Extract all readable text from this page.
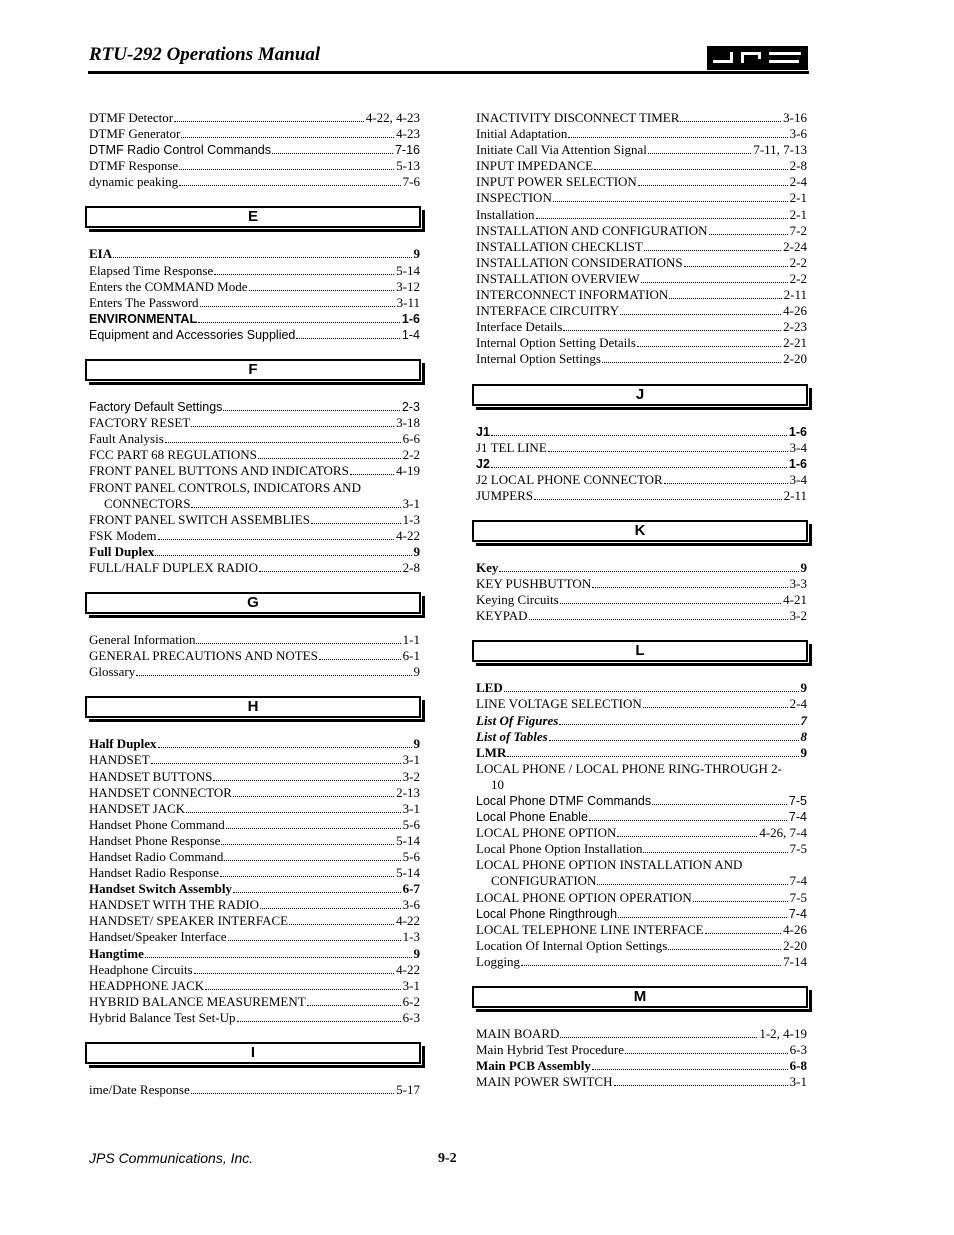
RTU-292 Operations Manual
DTMF Detector	4-22, 4-23
DTMF Generator	4-23
DTMF Radio Control Commands	7-16
DTMF Response	5-13
dynamic peaking	7-6
E
EIA	9
Elapsed Time Response	5-14
Enters the COMMAND Mode	3-12
Enters The Password	3-11
ENVIRONMENTAL	1-6
Equipment and Accessories Supplied	1-4
F
Factory Default Settings	2-3
FACTORY RESET	3-18
Fault Analysis	6-6
FCC PART 68 REGULATIONS	2-2
FRONT PANEL BUTTONS AND INDICATORS	4-19
FRONT PANEL CONTROLS, INDICATORS AND
CONNECTORS	3-1
FRONT PANEL SWITCH ASSEMBLIES	1-3
FSK Modem	4-22
Full Duplex	9
FULL/HALF DUPLEX RADIO	2-8
G
General Information	1-1
GENERAL PRECAUTIONS AND NOTES	6-1
Glossary	9
H
Half Duplex	9
HANDSET	3-1
HANDSET BUTTONS	3-2
HANDSET CONNECTOR	2-13
HANDSET JACK	3-1
Handset Phone Command	5-6
Handset Phone Response	5-14
Handset Radio Command	5-6
Handset Radio Response	5-14
Handset Switch Assembly	6-7
HANDSET WITH THE RADIO	3-6
HANDSET/ SPEAKER INTERFACE	4-22
Handset/Speaker Interface	1-3
Hangtime	9
Headphone Circuits	4-22
HEADPHONE JACK	3-1
HYBRID BALANCE MEASUREMENT	6-2
Hybrid Balance Test Set-Up	6-3
I
ime/Date Response	5-17
INACTIVITY DISCONNECT TIMER	3-16
Initial Adaptation	3-6
Initiate Call Via Attention Signal	7-11, 7-13
INPUT IMPEDANCE	2-8
INPUT POWER SELECTION	2-4
INSPECTION	2-1
Installation	2-1
INSTALLATION AND CONFIGURATION	7-2
INSTALLATION CHECKLIST	2-24
INSTALLATION CONSIDERATIONS	2-2
INSTALLATION OVERVIEW	2-2
INTERCONNECT INFORMATION	2-11
INTERFACE CIRCUITRY	4-26
Interface Details	2-23
Internal Option Setting Details	2-21
Internal Option Settings	2-20
J
J1	1-6
J1 TEL LINE	3-4
J2	1-6
J2 LOCAL PHONE CONNECTOR	3-4
JUMPERS	2-11
K
Key	9
KEY PUSHBUTTON	3-3
Keying Circuits	4-21
KEYPAD	3-2
L
LED	9
LINE VOLTAGE SELECTION	2-4
List Of Figures	7
List of Tables	8
LMR	9
LOCAL PHONE / LOCAL PHONE RING-THROUGH 2-
10
Local Phone DTMF Commands	7-5
Local Phone Enable	7-4
LOCAL PHONE OPTION	4-26, 7-4
Local Phone Option Installation	7-5
LOCAL PHONE OPTION INSTALLATION AND
CONFIGURATION	7-4
LOCAL PHONE OPTION OPERATION	7-5
Local Phone Ringthrough	7-4
LOCAL TELEPHONE LINE INTERFACE	4-26
Location Of Internal Option Settings	2-20
Logging	7-14
M
MAIN BOARD	1-2, 4-19
Main Hybrid Test Procedure	6-3
Main PCB Assembly	6-8
MAIN POWER SWITCH	3-1
JPS Communications, Inc.	9-2
